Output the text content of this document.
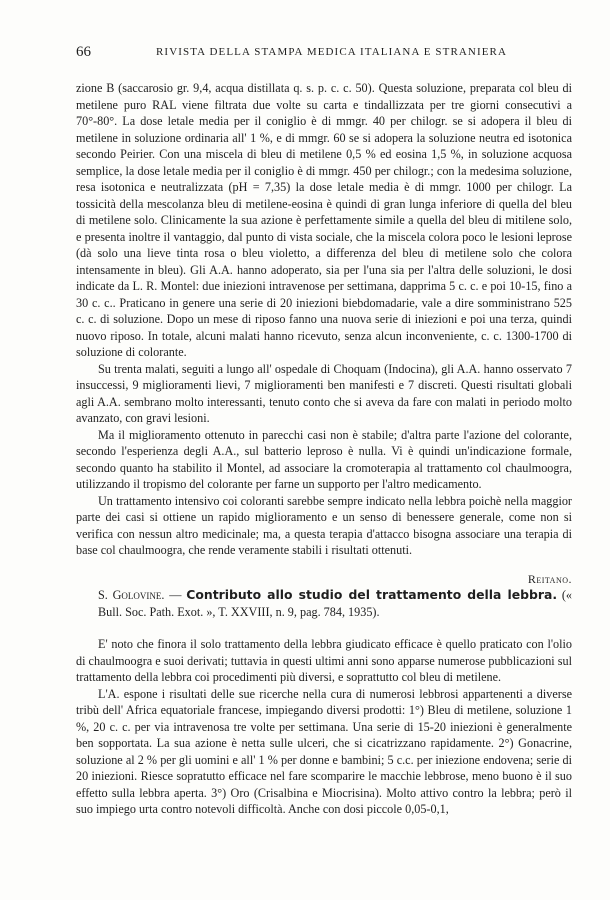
66	RIVISTA DELLA STAMPA MEDICA ITALIANA E STRANIERA

zione B (saccarosio gr. 9,4, acqua distillata q. s. p. c. c. 50). Questa soluzione, preparata col bleu di metilene puro RAL viene filtrata due volte su carta e tindallizzata per tre giorni consecutivi a 70°-80°. La dose letale media per il coniglio è di mmgr. 40 per chilogr. se si adopera il bleu di metilene in soluzione ordinaria all' 1 %, e di mmgr. 60 se si adopera la soluzione neutra ed isotonica secondo Peirier. Con una miscela di bleu di metilene 0,5 % ed eosina 1,5 %, in soluzione acquosa semplice, la dose letale media per il coniglio è di mmgr. 450 per chilogr.; con la medesima soluzione, resa isotonica e neutralizzata (pH = 7,35) la dose letale media è di mmgr. 1000 per chilogr. La tossicità della mescolanza bleu di metilene-eosina è quindi di gran lunga inferiore di quella del bleu di metilene solo. Clinicamente la sua azione è perfettamente simile a quella del bleu di mitilene solo, e presenta inoltre il vantaggio, dal punto di vista sociale, che la miscela colora poco le lesioni leprose (dà solo una lieve tinta rosa o bleu violetto, a differenza del bleu di metilene solo che colora intensamente in bleu). Gli A.A. hanno adoperato, sia per l'una sia per l'altra delle soluzioni, le dosi indicate da L. R. Montel: due iniezioni intravenose per settimana, dapprima 5 c. c. e poi 10-15, fino a 30 c. c.. Praticano in genere una serie di 20 iniezioni biebdomadarie, vale a dire somministrano 525 c. c. di soluzione. Dopo un mese di riposo fanno una nuova serie di iniezioni e poi una terza, quindi nuovo riposo. In totale, alcuni malati hanno ricevuto, senza alcun inconveniente, c. c. 1300-1700 di soluzione di colorante.

Su trenta malati, seguiti a lungo all' ospedale di Choquam (Indocina), gli A.A. hanno osservato 7 insuccessi, 9 miglioramenti lievi, 7 miglioramenti ben manifesti e 7 discreti. Questi risultati globali agli A.A. sembrano molto interessanti, tenuto conto che si aveva da fare con malati in periodo molto avanzato, con gravi lesioni.

Ma il miglioramento ottenuto in parecchi casi non è stabile; d'altra parte l'azione del colorante, secondo l'esperienza degli A.A., sul batterio leproso è nulla. Vi è quindi un'indicazione formale, secondo quanto ha stabilito il Montel, ad associare la cromoterapia al trattamento col chaulmoogra, utilizzando il tropismo del colorante per farne un supporto per l'altro medicamento.

Un trattamento intensivo coi coloranti sarebbe sempre indicato nella lebbra poichè nella maggior parte dei casi si ottiene un rapido miglioramento e un senso di benessere generale, come non si verifica con nessun altro medicinale; ma, a questa terapia d'attacco bisogna associare una terapia di base col chaulmoogra, che rende veramente stabili i risultati ottenuti.

Reitano.

S. Golovine. — Contributo allo studio del trattamento della lebbra. (« Bull. Soc. Path. Exot. », T. XXVIII, n. 9, pag. 784, 1935).

E' noto che finora il solo trattamento della lebbra giudicato efficace è quello praticato con l'olio di chaulmoogra e suoi derivati; tuttavia in questi ultimi anni sono apparse numerose pubblicazioni sul trattamento della lebbra coi procedimenti più diversi, e soprattutto col bleu di metilene.

L'A. espone i risultati delle sue ricerche nella cura di numerosi lebbrosi appartenenti a diverse tribù dell' Africa equatoriale francese, impiegando diversi prodotti: 1°) Bleu di metilene, soluzione 1 %, 20 c. c. per via intravenosa tre volte per settimana. Una serie di 15-20 iniezioni è generalmente ben sopportata. La sua azione è netta sulle ulceri, che si cicatrizzano rapidamente. 2°) Gonacrine, soluzione al 2 % per gli uomini e all' 1 % per donne e bambini; 5 c.c. per iniezione endovena; serie di 20 iniezioni. Riesce sopratutto efficace nel fare scomparire le macchie lebbrose, meno buono è il suo effetto sulla lebbra aperta. 3°) Oro (Crisalbina e Miocrisina). Molto attivo contro la lebbra; però il suo impiego urta contro notevoli difficoltà. Anche con dosi piccole 0,05-0,1,
